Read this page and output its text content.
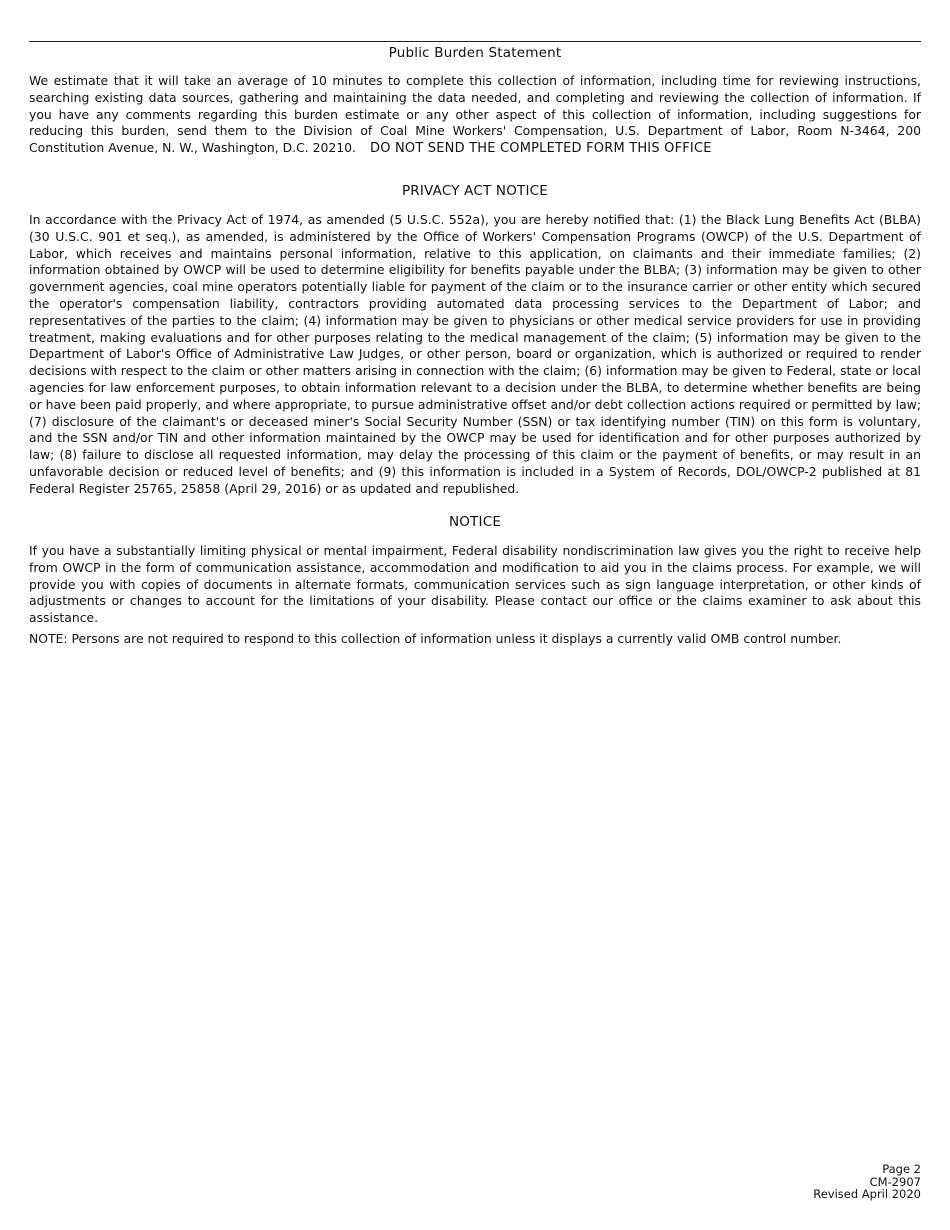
Public Burden Statement

We estimate that it will take an average of 10 minutes to complete this collection of information, including time for reviewing instructions, searching existing data sources, gathering and maintaining the data needed, and completing and reviewing the collection of information. If you have any comments regarding this burden estimate or any other aspect of this collection of information, including suggestions for reducing this burden, send them to the Division of Coal Mine Workers' Compensation, U.S. Department of Labor, Room N-3464, 200 Constitution Avenue, N. W., Washington, D.C. 20210. DO NOT SEND THE COMPLETED FORM THIS OFFICE

PRIVACY ACT NOTICE

In accordance with the Privacy Act of 1974, as amended (5 U.S.C. 552a), you are hereby notified that: (1) the Black Lung Benefits Act (BLBA) (30 U.S.C. 901 et seq.), as amended, is administered by the Office of Workers' Compensation Programs (OWCP) of the U.S. Department of Labor, which receives and maintains personal information, relative to this application, on claimants and their immediate families; (2) information obtained by OWCP will be used to determine eligibility for benefits payable under the BLBA; (3) information may be given to other government agencies, coal mine operators potentially liable for payment of the claim or to the insurance carrier or other entity which secured the operator's compensation liability, contractors providing automated data processing services to the Department of Labor; and representatives of the parties to the claim; (4) information may be given to physicians or other medical service providers for use in providing treatment, making evaluations and for other purposes relating to the medical management of the claim; (5) information may be given to the Department of Labor's Office of Administrative Law Judges, or other person, board or organization, which is authorized or required to render decisions with respect to the claim or other matters arising in connection with the claim; (6) information may be given to Federal, state or local agencies for law enforcement purposes, to obtain information relevant to a decision under the BLBA, to determine whether benefits are being or have been paid properly, and where appropriate, to pursue administrative offset and/or debt collection actions required or permitted by law; (7) disclosure of the claimant's or deceased miner's Social Security Number (SSN) or tax identifying number (TIN) on this form is voluntary, and the SSN and/or TIN and other information maintained by the OWCP may be used for identification and for other purposes authorized by law; (8) failure to disclose all requested information, may delay the processing of this claim or the payment of benefits, or may result in an unfavorable decision or reduced level of benefits; and (9) this information is included in a System of Records, DOL/OWCP-2 published at 81 Federal Register 25765, 25858 (April 29, 2016) or as updated and republished.

NOTICE

If you have a substantially limiting physical or mental impairment, Federal disability nondiscrimination law gives you the right to receive help from OWCP in the form of communication assistance, accommodation and modification to aid you in the claims process. For example, we will provide you with copies of documents in alternate formats, communication services such as sign language interpretation, or other kinds of adjustments or changes to account for the limitations of your disability. Please contact our office or the claims examiner to ask about this assistance.

NOTE: Persons are not required to respond to this collection of information unless it displays a currently valid OMB control number.

Page 2
CM-2907
Revised April 2020
